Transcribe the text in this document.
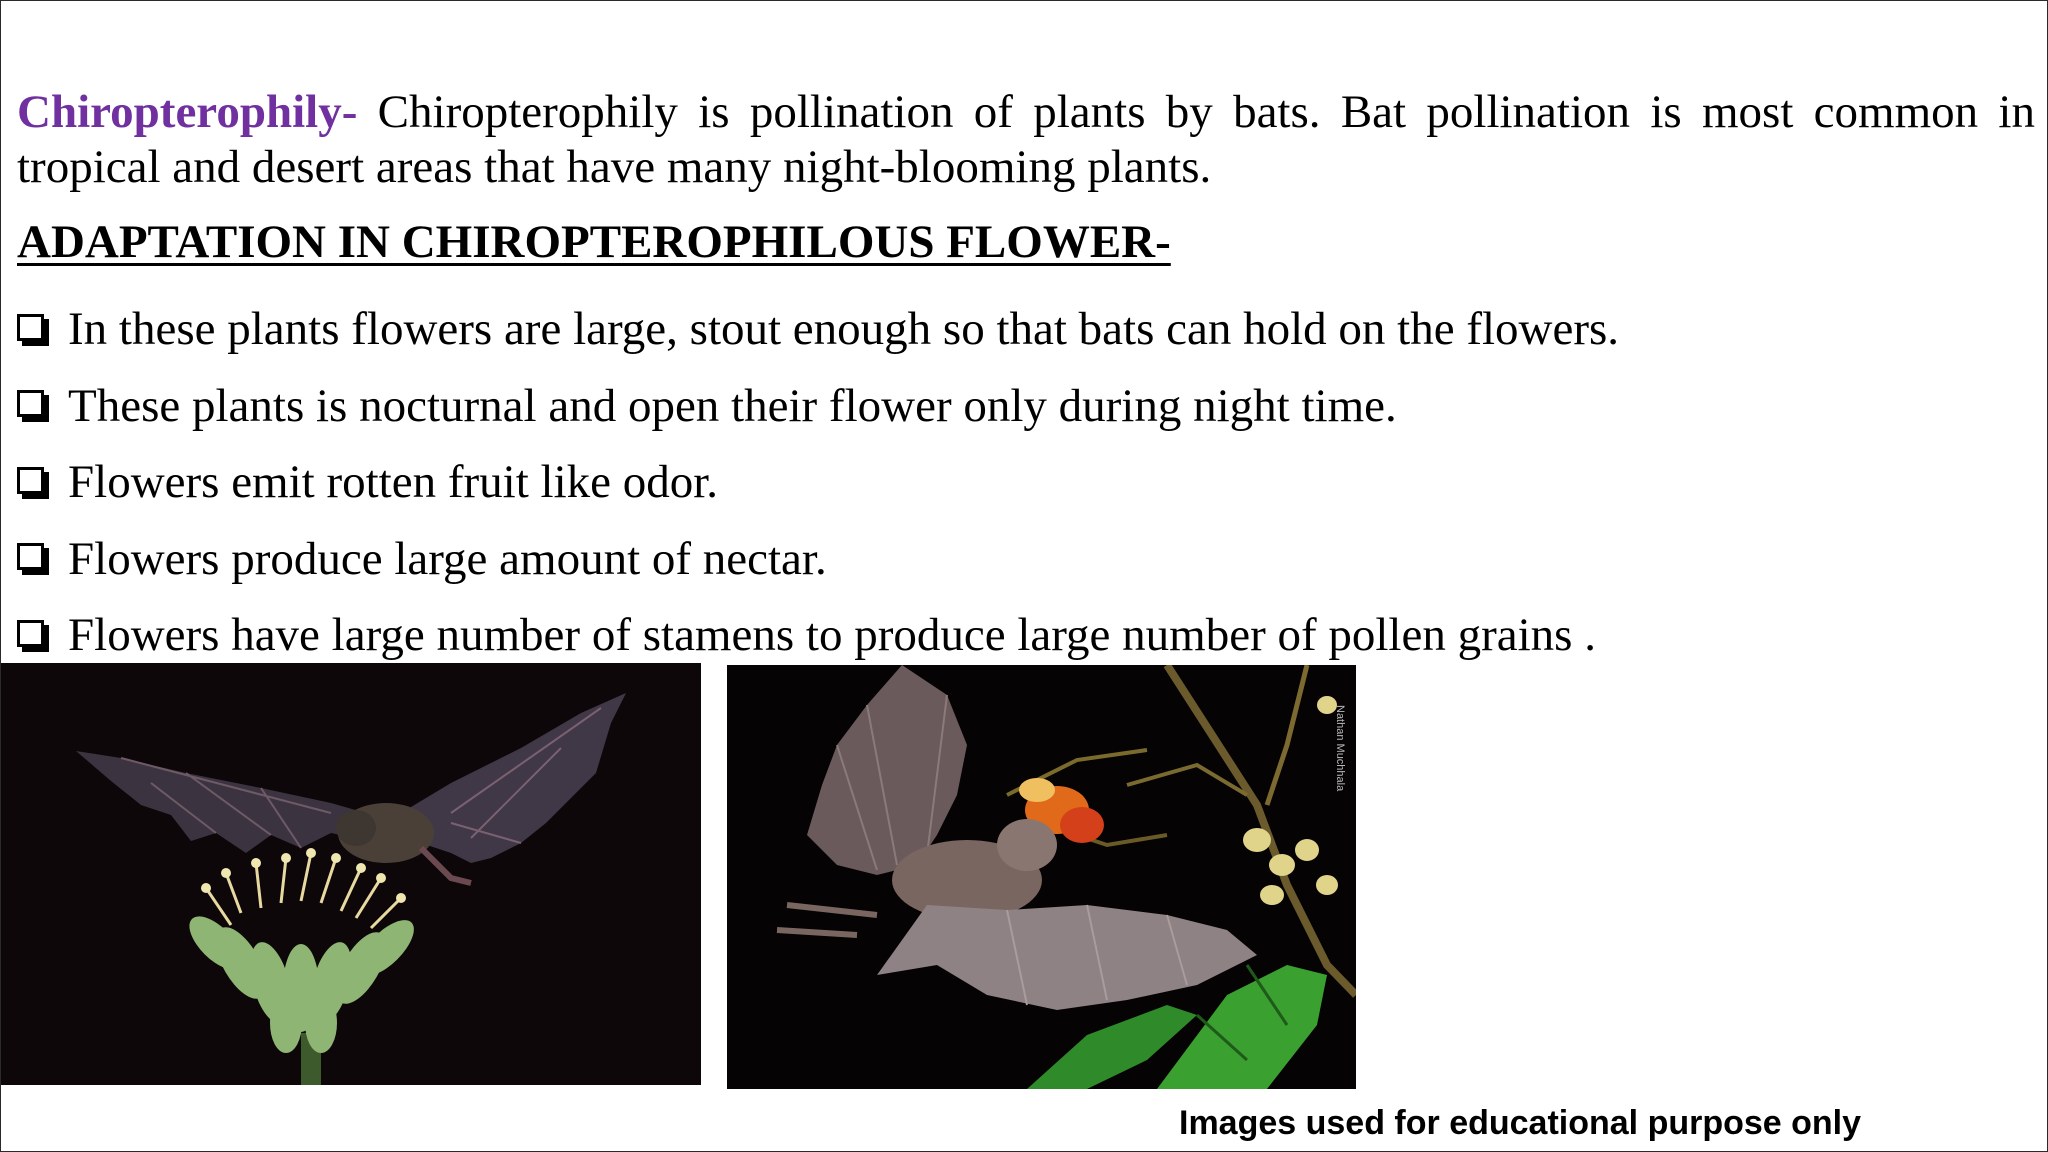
Chiropterophily- Chiropterophily is pollination of plants by bats. Bat pollination is most common in tropical and desert areas that have many night-blooming plants.

ADAPTATION IN CHIROPTEROPHILOUS FLOWER-
In these plants flowers are large, stout enough so that bats can hold on the flowers.
These plants is nocturnal and open their flower only during night time.
Flowers emit rotten fruit like odor.
Flowers produce large amount of nectar.
Flowers have large number of stamens to produce large number of pollen grains .
Nathan Muchhala
Images used for educational purpose only
